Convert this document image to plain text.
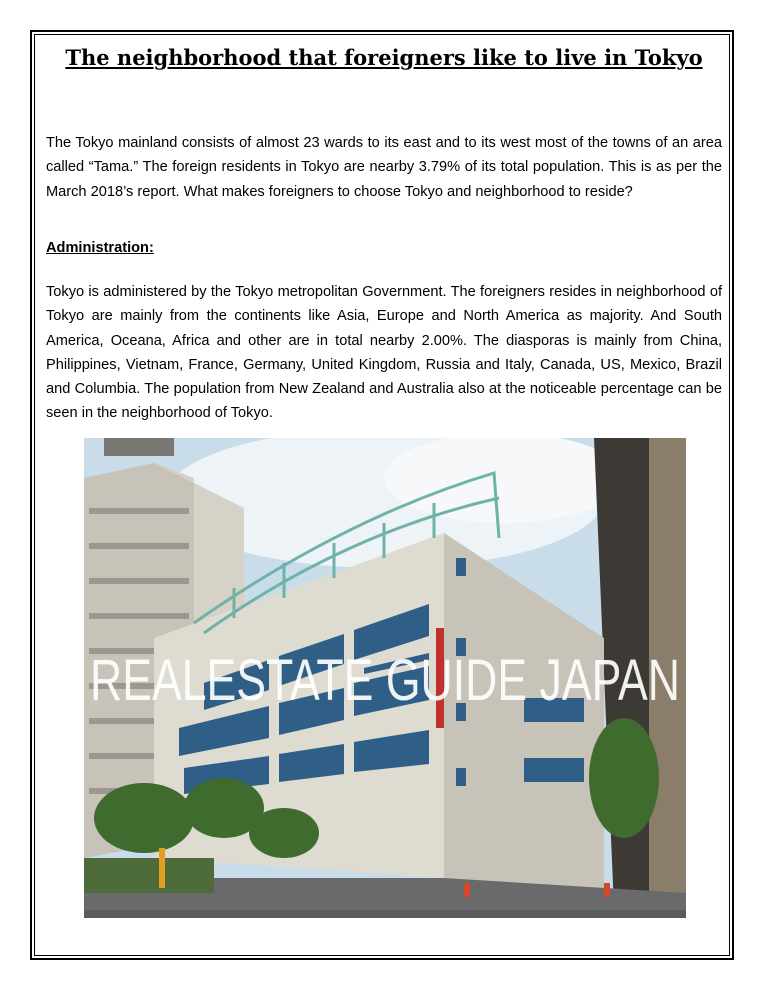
The neighborhood that foreigners like to live in Tokyo

The Tokyo mainland consists of almost 23 wards to its east and to its west most of the towns of an area called “Tama.” The foreign residents in Tokyo are nearby 3.79% of its total population. This is as per the March 2018’s report. What makes foreigners to choose Tokyo and neighborhood to reside?

Administration:

Tokyo is administered by the Tokyo metropolitan Government. The foreigners resides in neighborhood of Tokyo are mainly from the continents like Asia, Europe and North America as majority. And South America, Oceana, Africa and other are in total nearby 2.00%. The diasporas is mainly from China, Philippines, Vietnam, France, Germany, United Kingdom, Russia and Italy, Canada, US, Mexico, Brazil and Columbia. The population from New Zealand and Australia also at the noticeable percentage can be seen in the neighborhood of Tokyo.

REALESTATE GUIDE JAPAN
